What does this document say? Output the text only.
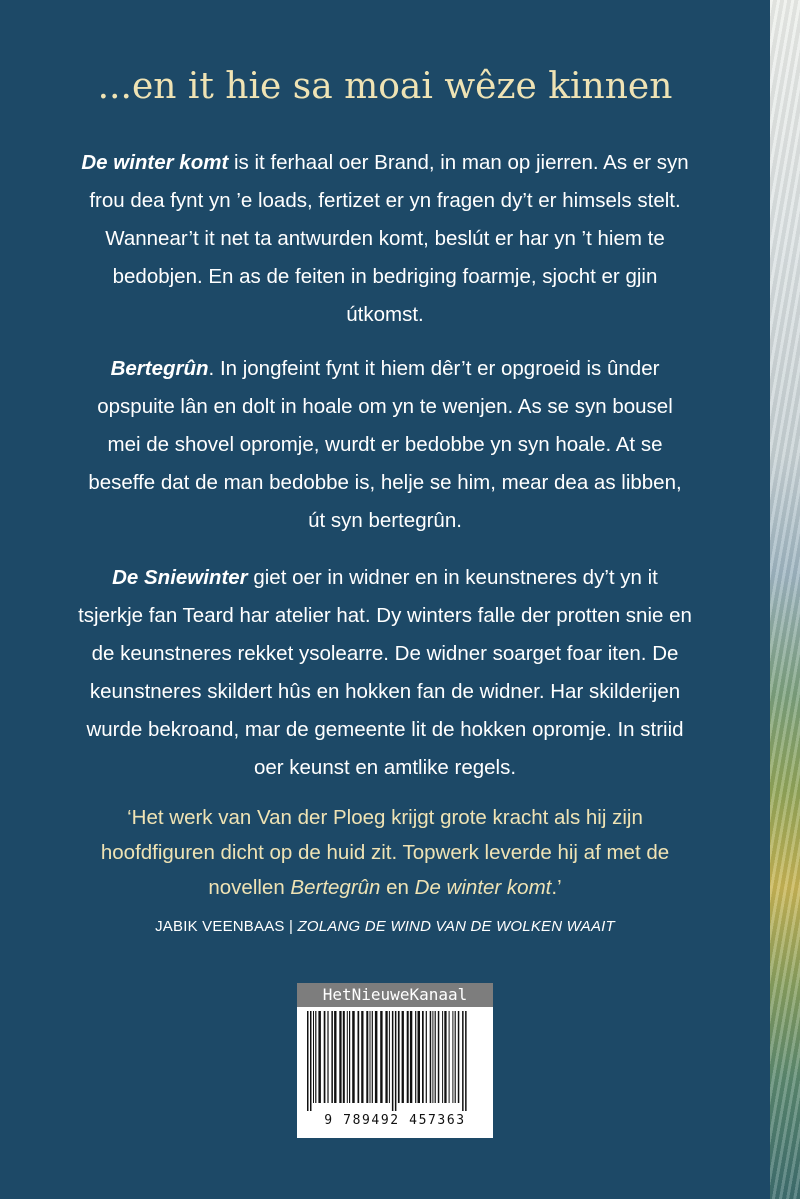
...en it hie sa moai wêze kinnen

De winter komt is it ferhaal oer Brand, in man op jierren. As er syn frou dea fynt yn ’e loads, fertizet er yn fragen dy’t er himsels stelt. Wannear’t it net ta antwurden komt, beslút er har yn ’t hiem te bedobjen. En as de feiten in bedriging foarmje, sjocht er gjin útkomst.

Bertegrûn. In jongfeint fynt it hiem dêr’t er opgroeid is ûnder opspuite lân en dolt in hoale om yn te wenjen. As se syn bousel mei de shovel opromje, wurdt er bedobbe yn syn hoale. At se beseffe dat de man bedobbe is, helje se him, mear dea as libben, út syn bertegrûn.

De Sniewinter giet oer in widner en in keunstneres dy’t yn it tsjerkje fan Teard har atelier hat. Dy winters falle der protten snie en de keunstneres rekket ysolearre. De widner soarget foar iten. De keunstneres skildert hûs en hokken fan de widner. Har skilderijen wurde bekroand, mar de gemeente lit de hokken opromje. In striid oer keunst en amtlike regels.

‘Het werk van Van der Ploeg krijgt grote kracht als hij zijn hoofdfiguren dicht op de huid zit. Topwerk leverde hij af met de novellen Bertegrûn en De winter komt.’

JABIK VEENBAAS | ZOLANG DE WIND VAN DE WOLKEN WAAIT

HetNieuweKanaal

9 789492 457363
